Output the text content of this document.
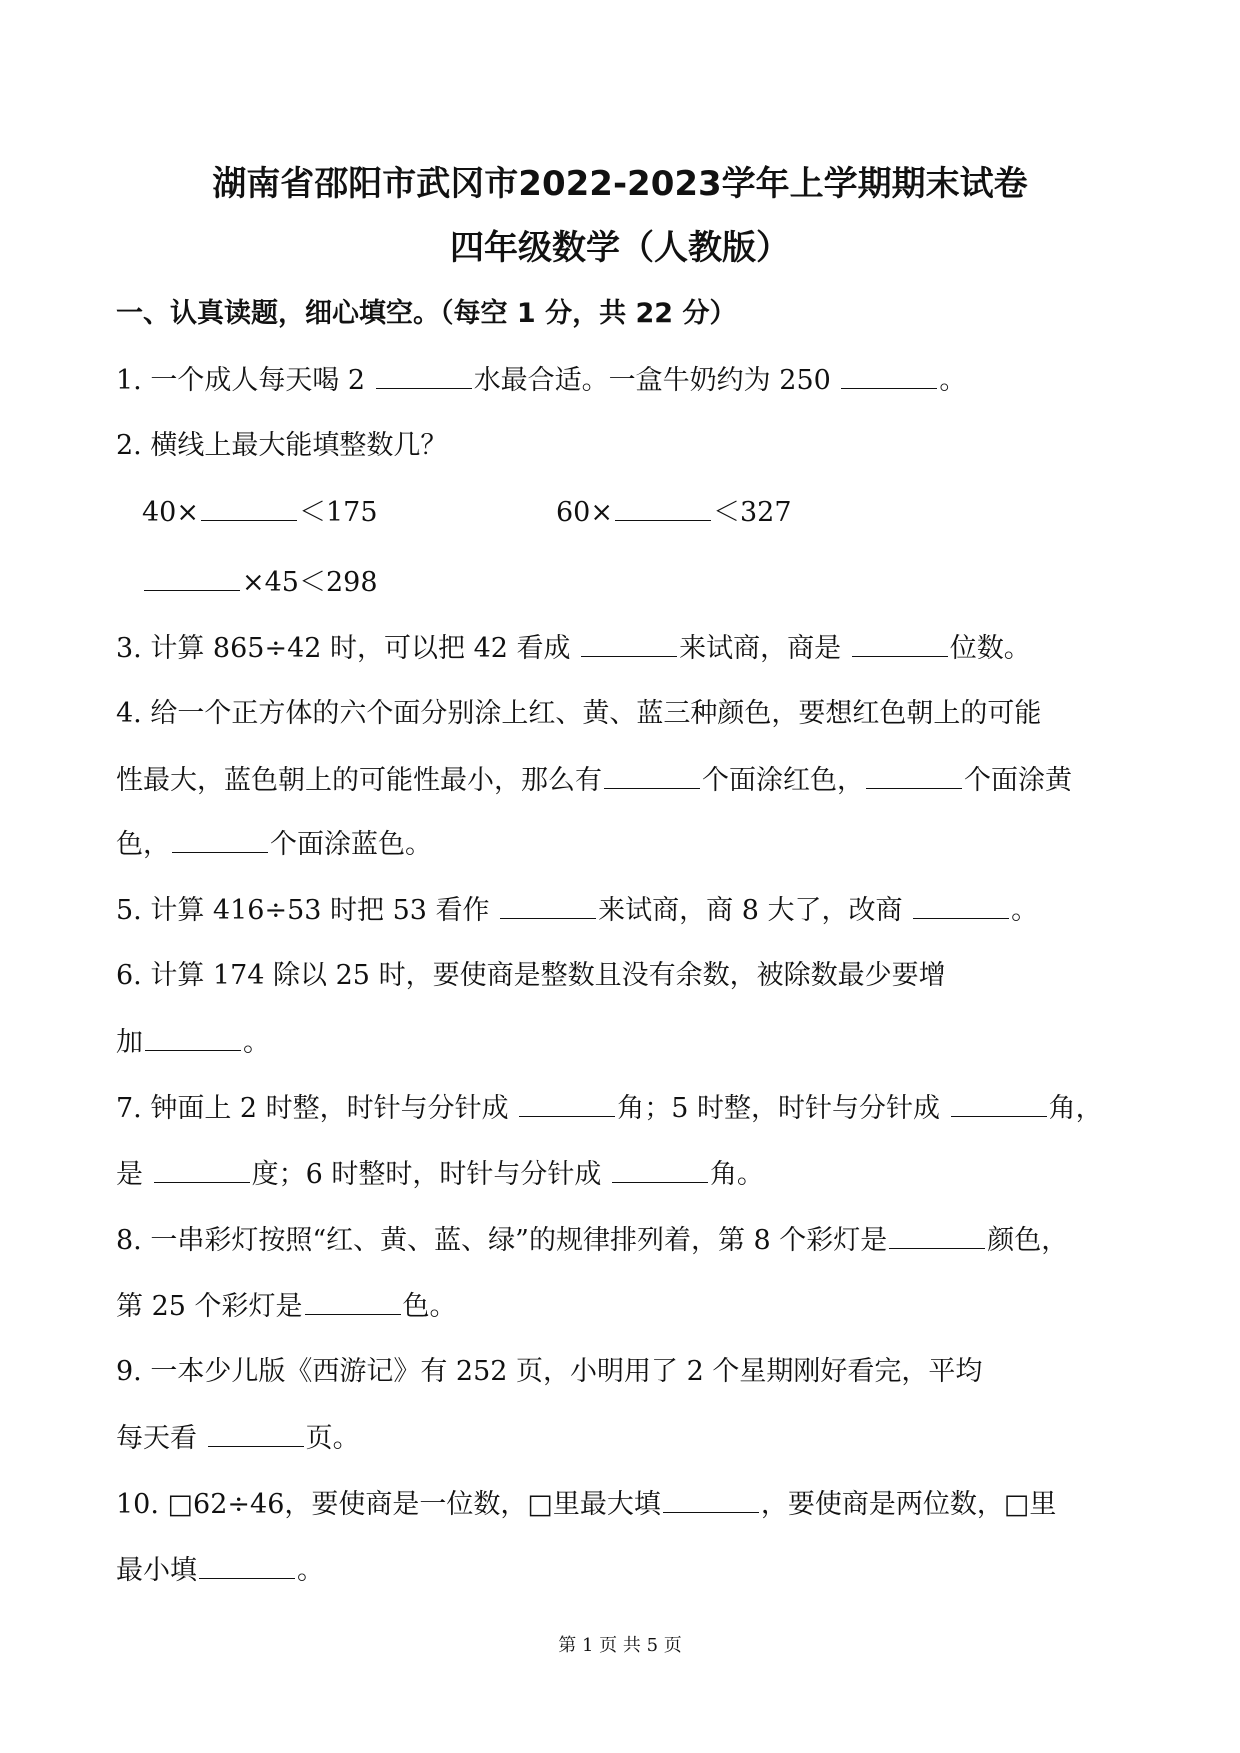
湖南省邵阳市武冈市2022-2023学年上学期期末试卷
四年级数学（人教版）
一、认真读题，细心填空。（每空 1 分，共 22 分）
1. 一个成人每天喝 2	水最合适。一盒牛奶约为 250	。
2. 横线上最大能填整数几？
40×	＜175	60×	＜327
×45＜298
3. 计算 865÷42 时，可以把 42 看成	来试商，商是	位数。
4. 给一个正方体的六个面分别涂上红、黄、蓝三种颜色，要想红色朝上的可能
性最大，蓝色朝上的可能性最小，那么有	个面涂红色，	个面涂黄
色，	个面涂蓝色。
5. 计算 416÷53 时把 53 看作	来试商，商 8 大了，改商	。
6. 计算 174 除以 25 时，要使商是整数且没有余数，被除数最少要增
加	。
7. 钟面上 2 时整，时针与分针成	角；5 时整，时针与分针成	角，
是	度；6 时整时，时针与分针成	角。
8. 一串彩灯按照“红、黄、蓝、绿”的规律排列着，第 8 个彩灯是	颜色，
第 25 个彩灯是	色。
9. 一本少儿版《西游记》有 252 页，小明用了 2 个星期刚好看完，平均
每天看	页。
10. □62÷46，要使商是一位数，□里最大填	，要使商是两位数，□里
最小填	。
第 1 页 共 5 页
